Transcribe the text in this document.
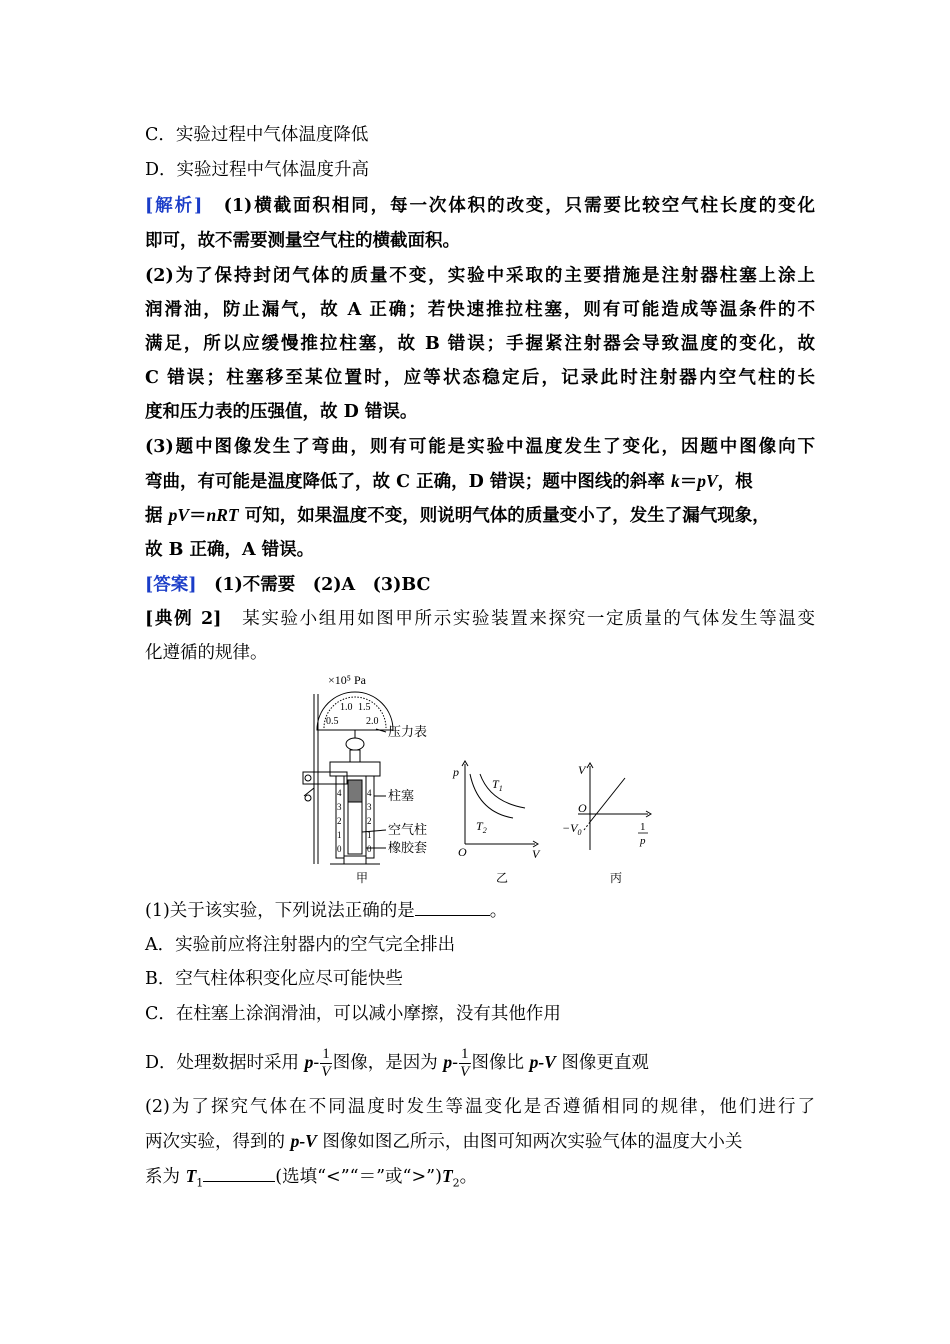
C．实验过程中气体温度降低
D．实验过程中气体温度升高
[解析]　 (1)横截面积相同，每一次体积的改变，只需要比较空气柱长度的变化
即可，故不需要测量空气柱的横截面积。
(2)为了保持封闭气体的质量不变，实验中采取的主要措施是注射器柱塞上涂上
润滑油，防止漏气，故 A 正确；若快速推拉柱塞，则有可能造成等温条件的不
满足，所以应缓慢推拉柱塞，故 B 错误；手握紧注射器会导致温度的变化，故
C 错误；柱塞移至某位置时，应等状态稳定后，记录此时注射器内空气柱的长
度和压力表的压强值，故 D 错误。
(3)题中图像发生了弯曲，则有可能是实验中温度发生了变化，因题中图像向下
弯曲，有可能是温度降低了，故 C 正确，D 错误；题中图线的斜率 k＝pV，根
据 pV＝nRT 可知，如果温度不变，则说明气体的质量变小了，发生了漏气现象，
故 B 正确，A 错误。
[答案]　 (1)不需要　(2)A　(3)BC
[典例 2]　 某实验小组用如图甲所示实验装置来探究一定质量的气体发生等温变
化遵循的规律。
×10⁵ Pa
1.0 1.5
0.5	2.0
压力表
柱塞
空气柱
橡胶套
4
3
2
1
0
4
3
2
1
0
甲	乙	丙
p
V
O
$T_1$
$T_2$
V
O
$-V_0$	1
p
(1)关于该实验，下列说法正确的是	。
A．实验前应将注射器内的空气完全排出
B．空气柱体积变化应尽可能快些
C．在柱塞上涂润滑油，可以减小摩擦，没有其他作用
D．处理数据时采用 $p- \frac{1}{V}$ 图像，是因为 $p- \frac{1}{V}$ 图像比 p-V 图像更直观
(2)为了探究气体在不同温度时发生等温变化是否遵循相同的规律，他们进行了
两次实验，得到的 p-V 图像如图乙所示，由图可知两次实验气体的温度大小关
系为 $T_1$	(选填“<”“＝”或“$>”)T_2$。
